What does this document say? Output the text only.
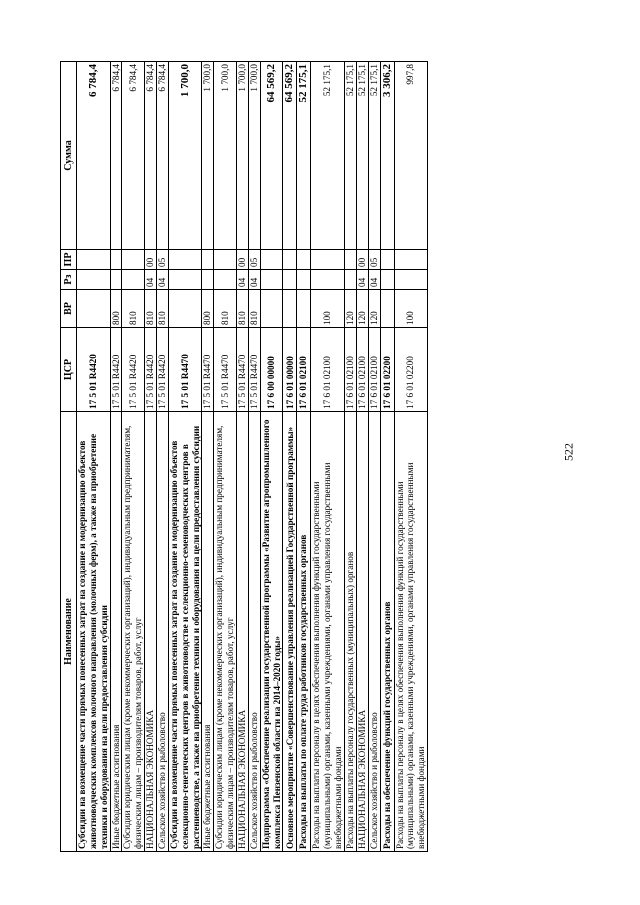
522
Наименование	ЦСР	ВР	Рз	ПР	Сумма
Субсидии на возмещение части прямых понесенных затрат на создание и модернизацию объектов животноводческих комплексов молочного направления (молочных ферм), а также на приобретение техники и оборудования на цели предоставления субсидии	17 5 01 R4420				6 784,4
Иные бюджетные ассигнования	17 5 01 R4420	800			6 784,4
Субсидии юридическим лицам (кроме некоммерческих организаций), индивидуальным предпринимателям, физическим лицам – производителям товаров, работ, услуг	17 5 01 R4420	810			6 784,4
НАЦИОНАЛЬНАЯ ЭКОНОМИКА	17 5 01 R4420	810	04	00	6 784,4
Сельское хозяйство и рыболовство	17 5 01 R4420	810	04	05	6 784,4
Субсидии на возмещение части прямых понесенных затрат на создание и модернизацию объектов селекционно-генетических центров в животноводстве и селекционно-семеноводческих центров в растениеводстве, а также на приобретение техники и оборудования на цели предоставления субсидии	17 5 01 R4470				1 700,0
Иные бюджетные ассигнования	17 5 01 R4470	800			1 700,0
Субсидии юридическим лицам (кроме некоммерческих организаций), индивидуальным предпринимателям, физическим лицам – производителям товаров, работ, услуг	17 5 01 R4470	810			1 700,0
НАЦИОНАЛЬНАЯ ЭКОНОМИКА	17 5 01 R4470	810	04	00	1 700,0
Сельское хозяйство и рыболовство	17 5 01 R4470	810	04	05	1 700,0
Подпрограмма «Обеспечение реализации государственной программы «Развитие агропромышленного комплекса Пензенской области на 2014–2020 годы»	17 6 00 00000				64 569,2
Основное мероприятие «Совершенствование управления реализацией Государственной программы»	17 6 01 00000				64 569,2
Расходы на выплаты по оплате труда работников государственных органов	17 6 01 02100				52 175,1
Расходы на выплаты персоналу в целях обеспечения выполнения функций государственными (муниципальными) органами, казенными учреждениями, органами управления государственными внебюджетными фондами	17 6 01 02100	100			52 175,1
Расходы на выплаты персоналу государственных (муниципальных) органов	17 6 01 02100	120			52 175,1
НАЦИОНАЛЬНАЯ ЭКОНОМИКА	17 6 01 02100	120	04	00	52 175,1
Сельское хозяйство и рыболовство	17 6 01 02100	120	04	05	52 175,1
Расходы на обеспечение функций государственных органов	17 6 01 02200				3 306,2
Расходы на выплаты персоналу в целях обеспечения выполнения функций государственными (муниципальными) органами, казенными учреждениями, органами управления государственными внебюджетными фондами	17 6 01 02200	100			997,8
